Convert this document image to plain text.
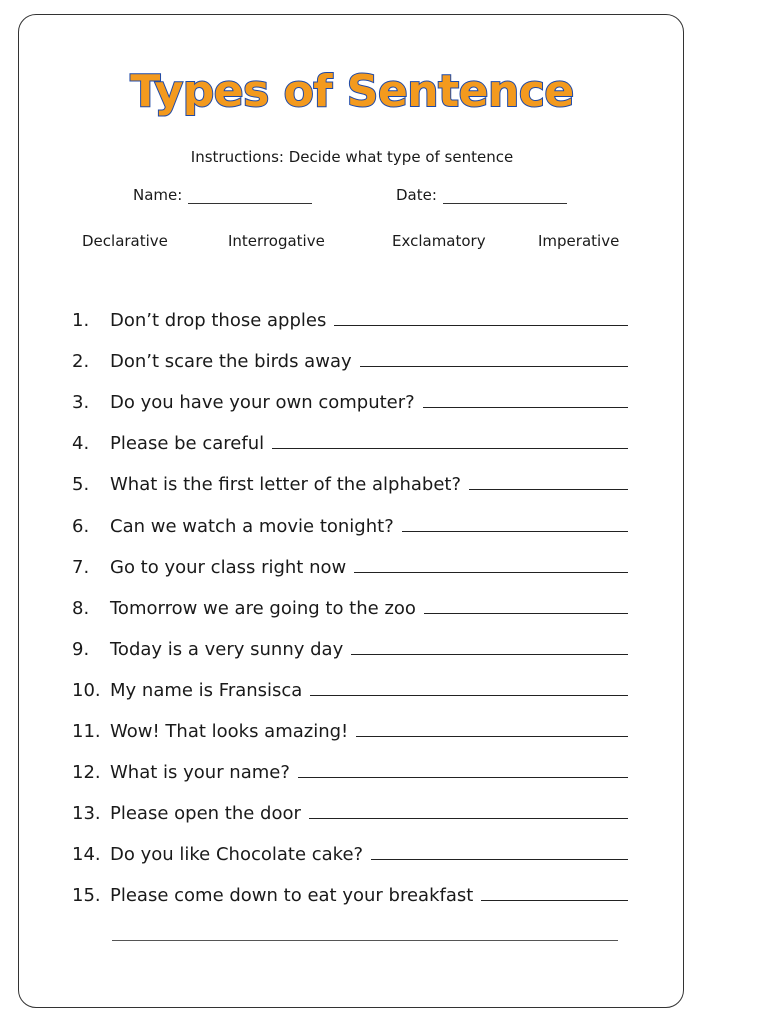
Types of Sentence
Instructions: Decide what type of sentence
Name:	Date:
Declarative	Interrogative	Exclamatory	Imperative
1.	Don’t drop those apples
2.	Don’t scare the birds away
3.	Do you have your own computer?
4.	Please be careful
5.	What is the first letter of the alphabet?
6.	Can we watch a movie tonight?
7.	Go to your class right now
8.	Tomorrow we are going to the zoo
9.	Today is a very sunny day
10. My name is Fransisca
11. Wow! That looks amazing!
12. What is your name?
13. Please open the door
14. Do you like Chocolate cake?
15. Please come down to eat your breakfast
